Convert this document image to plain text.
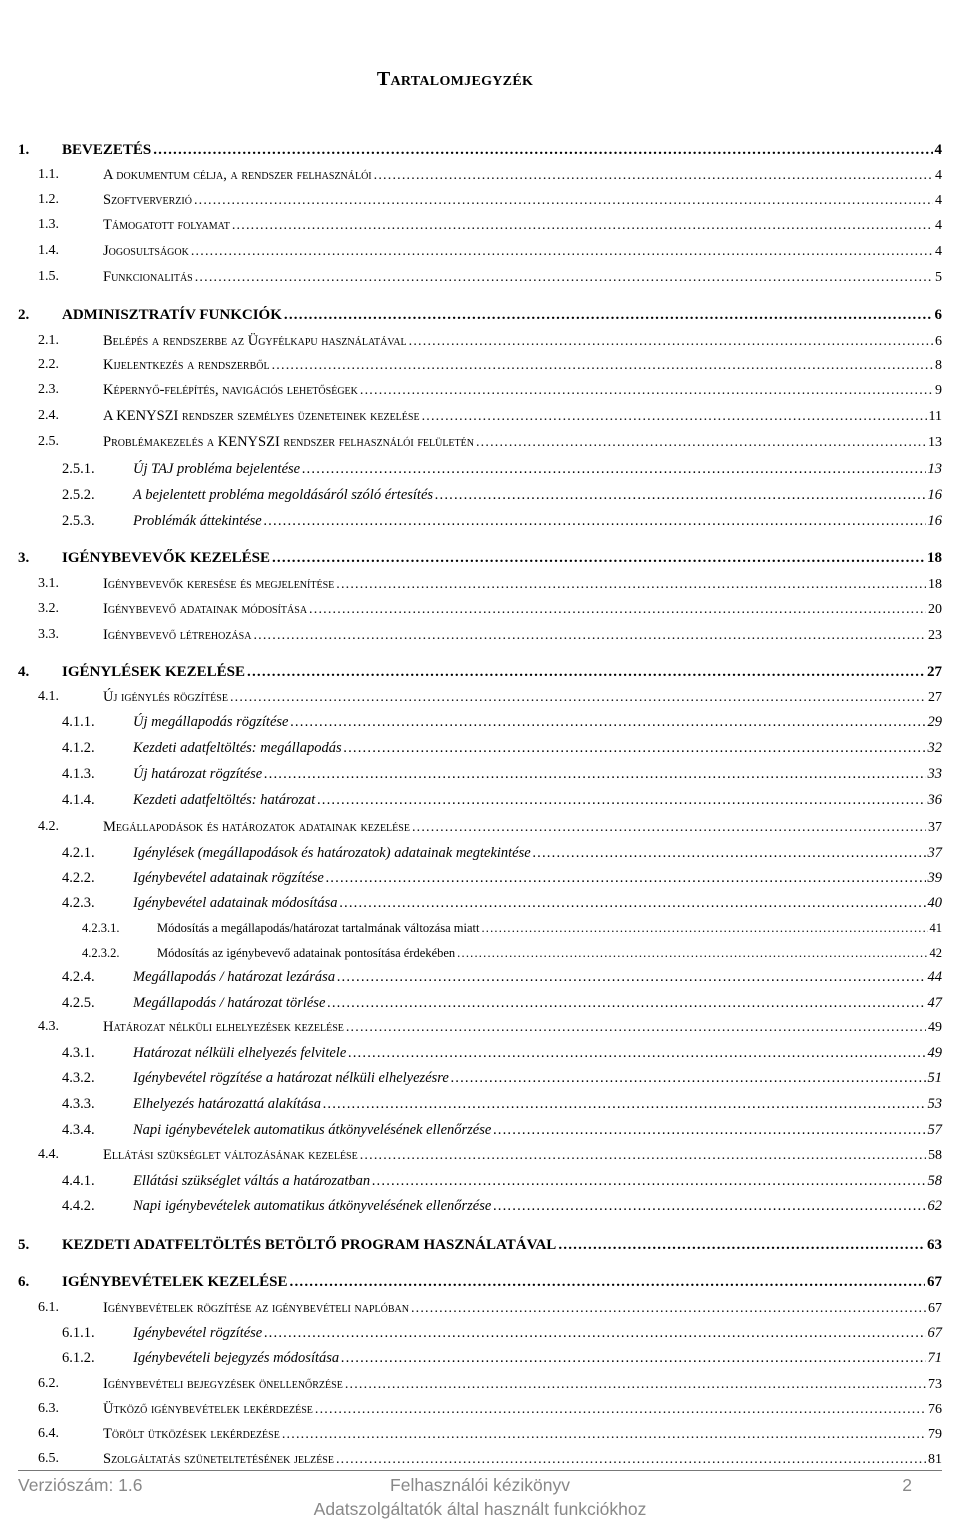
Tartalomjegyzék
1. BEVEZETÉS .....	4
1.1.	A dokumentum célja, a rendszer felhasználói .....	4
1.2.	Szoftververzió .....	4
1.3.	Támogatott folyamat .....	4
1.4.	Jogosultságok .....	4
1.5.	Funkcionalitás .....	5
2. ADMINISZTRATÍV FUNKCIÓK .....	6
2.1.	Belépés a rendszerbe az Ügyfélkapu használatával .....	6
2.2.	Kijelentkezés a rendszerből .....	8
2.3.	Képernyő-felépítés, navigációs lehetőségek .....	9
2.4.	A KENYSZI rendszer személyes üzeneteinek kezelése .....	11
2.5.	Problémakezelés a KENYSZI rendszer felhasználói felületén .....	13
2.5.1.	Új TAJ probléma bejelentése .....	13
2.5.2.	A bejelentett probléma megoldásáról szóló értesítés .....	16
2.5.3.	Problémák áttekintése .....	16
3. IGÉNYBEVEVŐK KEZELÉSE .....	18
3.1.	Igénybevevők keresése és megjelenítése .....	18
3.2.	Igénybevevő adatainak módosítása .....	20
3.3.	Igénybevevő létrehozása .....	23
4. IGÉNYLÉSEK KEZELÉSE .....	27
4.1.	Új igénylés rögzítése .....	27
4.1.1.	Új megállapodás rögzítése .....	29
4.1.2.	Kezdeti adatfeltöltés: megállapodás .....	32
4.1.3.	Új határozat rögzítése .....	33
4.1.4.	Kezdeti adatfeltöltés: határozat .....	36
4.2.	Megállapodások és határozatok adatainak kezelése .....	37
4.2.1.	Igénylések (megállapodások és határozatok) adatainak megtekintése .....	37
4.2.2.	Igénybevétel adatainak rögzítése .....	39
4.2.3.	Igénybevétel adatainak módosítása .....	40
4.2.3.1.	Módosítás a megállapodás/határozat tartalmának változása miatt .....	41
4.2.3.2.	Módosítás az igénybevevő adatainak pontosítása érdekében .....	42
4.2.4.	Megállapodás / határozat lezárása .....	44
4.2.5.	Megállapodás / határozat törlése .....	47
4.3.	Határozat nélküli elhelyezések kezelése .....	49
4.3.1.	Határozat nélküli elhelyezés felvitele .....	49
4.3.2.	Igénybevétel rögzítése a határozat nélküli elhelyezésre .....	51
4.3.3.	Elhelyezés határozattá alakítása .....	53
4.3.4.	Napi igénybevételek automatikus átkönyvelésének ellenőrzése .....	57
4.4.	Ellátási szükséglet változásának kezelése .....	58
4.4.1.	Ellátási szükséglet váltás a határozatban .....	58
4.4.2.	Napi igénybevételek automatikus átkönyvelésének ellenőrzése .....	62
5. KEZDETI ADATFELTÖLTÉS BETÖLTŐ PROGRAM HASZNÁLATÁVAL .....	63
6. IGÉNYBEVÉTELEK KEZELÉSE .....	67
6.1.	Igénybevételek rögzítése az igénybevételi naplóban .....	67
6.1.1.	Igénybevétel rögzítése .....	67
6.1.2.	Igénybevételi bejegyzés módosítása .....	71
6.2.	Igénybevételi bejegyzések önellenőrzése .....	73
6.3.	Ütköző igénybevételek lekérdezése .....	76
6.4.	Törölt ütközések lekérdezése .....	79
6.5.	Szolgáltatás szüneteltetésének jelzése .....	81
Verziószám: 1.6	Felhasználói kézikönyv	2
Adatszolgáltatók által használt funkciókhoz
